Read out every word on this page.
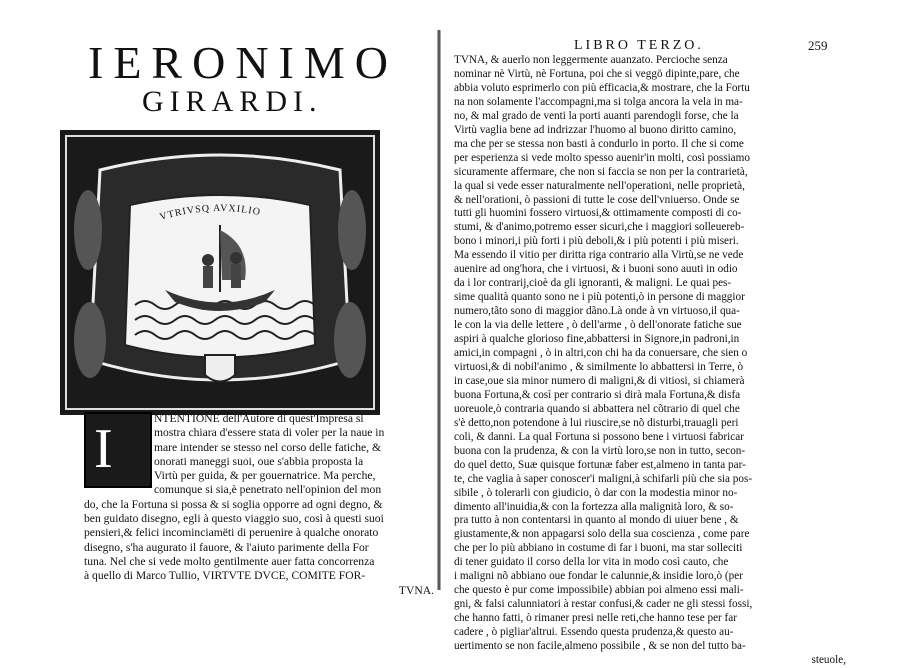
IERONIMO
GIRARDI.
VTRIVSQ AVXILIO
I	NTENTIONE dell'Autore di quest'Impresa si
mostra chiara d'essere stata di voler per la naue in
mare intender se stesso nel corso delle fatiche, &
onorati maneggi suoi, oue s'abbia proposta la
Virtù per guida, & per gouernatrice. Ma perche,
comunque si sia,è penetrato nell'opinion del mon
do, che la Fortuna si possa & si soglia opporre ad ogni degno, &
ben guidato disegno, egli à questo viaggio suo, così à questi suoi
pensieri,& felici incominciamëti di peruenire à qualche onorato
disegno, s'ha augurato il fauore, & l'aiuto parimente della For
tuna. Nel che si vede molto gentilmente auer fatta concorrenza
à quello di Marco Tullio, VIRTVTE DVCE, COMITE FOR-
TVNA.
LIBRO TERZO.	259
TVNA, & auerlo non leggermente auanzato. Percioche senza
nominar nè Virtù, nè Fortuna, poi che si veggö dipinte,pare, che
abbia voluto esprimerlo con più efficacia,& mostrare, che la Fortu
na non solamente l'accompagni,ma si tolga ancora la vela in ma-
no, & mal grado de venti la porti auanti parendogli forse, che la
Virtù vaglia bene ad indrizzar l'huomo al buono diritto camino,
ma che per se stessa non basti à condurlo in porto. Il che si come
per esperienza si vede molto spesso auenir'in molti, così possiamo
sicuramente affermare, che non si faccia se non per la contrarietà,
la qual si vede esser naturalmente nell'operationi, nelle proprietà,
& nell'orationi, ò passioni di tutte le cose dell'vniuerso. Onde se
tutti gli huomini fossero virtuosi,& ottimamente composti di co-
stumi, & d'animo,potremo esser sicuri,che i maggiori solleuereb-
bono i minori,i più forti i più deboli,& i più potenti i più miseri.
Ma essendo il vitio per diritta riga contrario alla Virtù,se ne vede
auenire ad ong'hora, che i virtuosi, & i buoni sono auuti in odio
da i lor contrarij,cioè da gli ignoranti, & maligni. Le quai pes-
sime qualità quanto sono ne i più potenti,ò in persone di maggior
numero,tãto sono di maggior dãno.Là onde à vn virtuoso,il qua-
le con la via delle lettere , ò dell'arme , ò dell'onorate fatiche sue
aspiri à qualche glorioso fine,abbattersi in Signore,in padroni,in
amici,in compagni , ò in altri,con chi ha da conuersare, che sien o
virtuosi,& di nobil'animo , & similmente lo abbattersi in Terre, ò
in case,oue sia minor numero di maligni,& di vitiosi, si chiamerà
buona Fortuna,& così per contrario si dirà mala Fortuna,& disfa
uoreuole,ò contraria quando si abbattera nel cõtrario di quel che
s'è detto,non potendone à lui riuscire,se nõ disturbi,trauagli peri
coli, & danni. La qual Fortuna si possono bene i virtuosi fabricar
buona con la prudenza, & con la virtù loro,se non in tutto, secon-
do quel detto, Suæ quisque fortunæ faber est,almeno in tanta par-
te, che vaglia à saper conoscer'i maligni,à schifarli più che sia pos-
sibile , ò tolerarli con giudicio, ò dar con la modestia minor no-
dimento all'inuidia,& con la fortezza alla malignità loro, & so-
pra tutto à non contentarsi in quanto al mondo di uiuer bene , &
giustamente,& non appagarsi solo della sua coscienza , come pare
che per lo più abbiano in costume di far i buoni, ma star solleciti
di tener guidato il corso della lor vita in modo così cauto, che
i maligni nõ abbiano oue fondar le calunnie,& insidie loro,ò (per
che questo è pur come impossibile) abbian poi almeno essi mali-
gni, & falsi calunniatori à restar confusi,& cader ne gli stessi fossi,
che hanno fatti, ò rimaner presi nelle reti,che hanno tese per far
cadere , ò pigliar'altrui. Essendo questa prudenza,& questo au-
uertimento se non facile,almeno possibile , & se non del tutto ba-
steuole,
